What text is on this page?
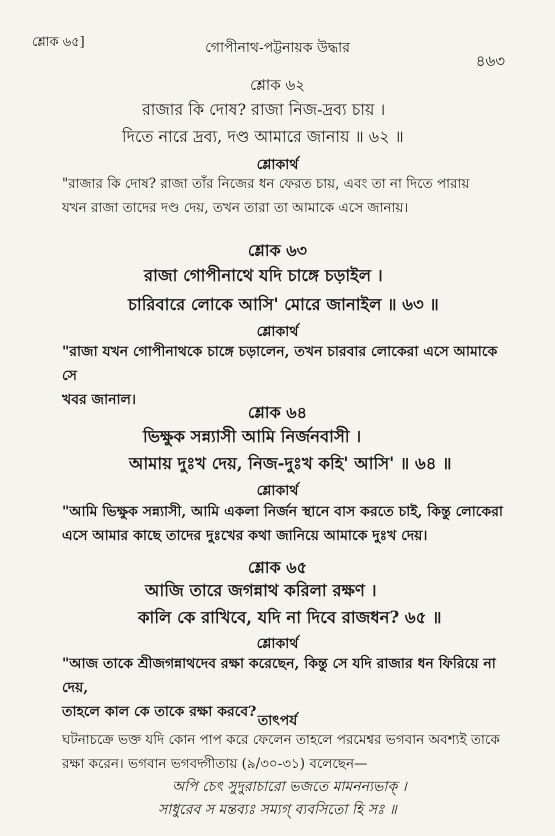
শ্লোক ৬৫]	গোপীনাথ-পট্টনায়ক উদ্ধার
৪৬৩
শ্লোক ৬২
রাজার কি দোষ? রাজা নিজ-দ্রব্য চায় ।
দিতে নারে দ্রব্য, দণ্ড আমারে জানায় ॥ ৬২ ॥
শ্লোকার্থ
"রাজার কি দোষ? রাজা তাঁর নিজের ধন ফেরত চায়, এবং তা না দিতে পারায়
যখন রাজা তাদের দণ্ড দেয়, তখন তারা তা আমাকে এসে জানায়।
শ্লোক ৬৩
রাজা গোপীনাথে যদি চাঙ্গে চড়াইল ।
চারিবারে লোকে আসি' মোরে জানাইল ॥ ৬৩ ॥
শ্লোকার্থ
"রাজা যখন গোপীনাথকে চাঙ্গে চড়ালেন, তখন চারবার লোকেরা এসে আমাকে সে
খবর জানাল।
শ্লোক ৬৪
ভিক্ষুক সন্ন্যাসী আমি নির্জনবাসী ।
আমায় দুঃখ দেয়, নিজ-দুঃখ কহি' আসি' ॥ ৬৪ ॥
শ্লোকার্থ
"আমি ভিক্ষুক সন্ন্যাসী, আমি একলা নির্জন স্থানে বাস করতে চাই, কিন্তু লোকেরা
এসে আমার কাছে তাদের দুঃখের কথা জানিয়ে আমাকে দুঃখ দেয়।
শ্লোক ৬৫
আজি তারে জগন্নাথ করিলা রক্ষণ ।
কালি কে রাখিবে, যদি না দিবে রাজধন? ৬৫ ॥
শ্লোকার্থ
"আজ তাকে শ্রীজগন্নাথদেব রক্ষা করেছেন, কিন্তু সে যদি রাজার ধন ফিরিয়ে না দেয়,
তাহলে কাল কে তাকে রক্ষা করবে?
তাৎপর্য
ঘটনাচক্রে ভক্ত যদি কোন পাপ করে ফেলেন তাহলে পরমেশ্বর ভগবান অবশ্যই তাকে
রক্ষা করেন। ভগবান ভগবদ্গীতায় (৯/৩০-৩১) বলেছেন—
অপি চেৎ সুদুরাচারো ভজতে মামনন্যভাক্ ।
সাধুরেব স মন্তব্যঃ সম্যগ্ ব্যবসিতো হি সঃ ॥
